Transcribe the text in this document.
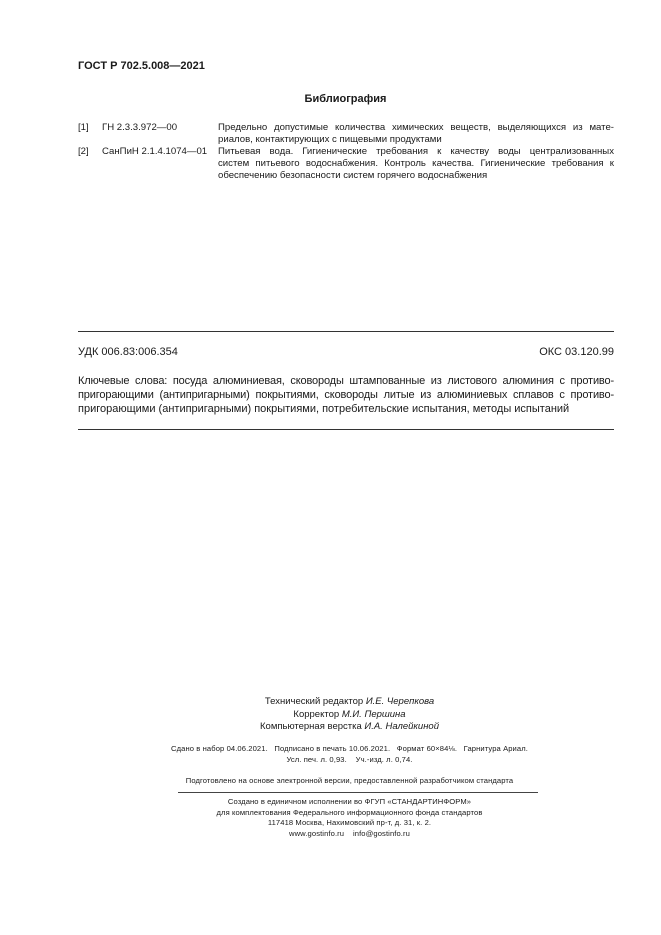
ГОСТ Р 702.5.008—2021
Библиография
[1] ГН 2.3.3.972—00	Предельно допустимые количества химических веществ, выделяющихся из мате-
риалов, контактирующих с пищевыми продуктами
[2] СанПиН 2.1.4.1074—01 Питьевая вода. Гигиенические требования к качеству воды централизованных
систем питьевого водоснабжения. Контроль качества. Гигиенические требования к
обеспечению безопасности систем горячего водоснабжения
УДК 006.83:006.354	ОКС 03.120.99
Ключевые слова: посуда алюминиевая, сковороды штампованные из листового алюминия с противо-
пригорающими (антипригарными) покрытиями, сковороды литые из алюминиевых сплавов с противо-
пригорающими (антипригарными) покрытиями, потребительские испытания, методы испытаний
Технический редактор И.Е. Черепкова
Корректор М.И. Першина
Компьютерная верстка И.А. Налейкиной
Сдано в набор 04.06.2021.   Подписано в печать 10.06.2021.   Формат 60×84⅛.   Гарнитура Ариал.
Усл. печ. л. 0,93.    Уч.-изд. л. 0,74.
Подготовлено на основе электронной версии, предоставленной разработчиком стандарта
Создано в единичном исполнении во ФГУП «СТАНДАРТИНФОРМ»
для комплектования Федерального информационного фонда стандартов
117418 Москва, Нахимовский пр-т, д. 31, к. 2.
www.gostinfo.ru    info@gostinfo.ru
